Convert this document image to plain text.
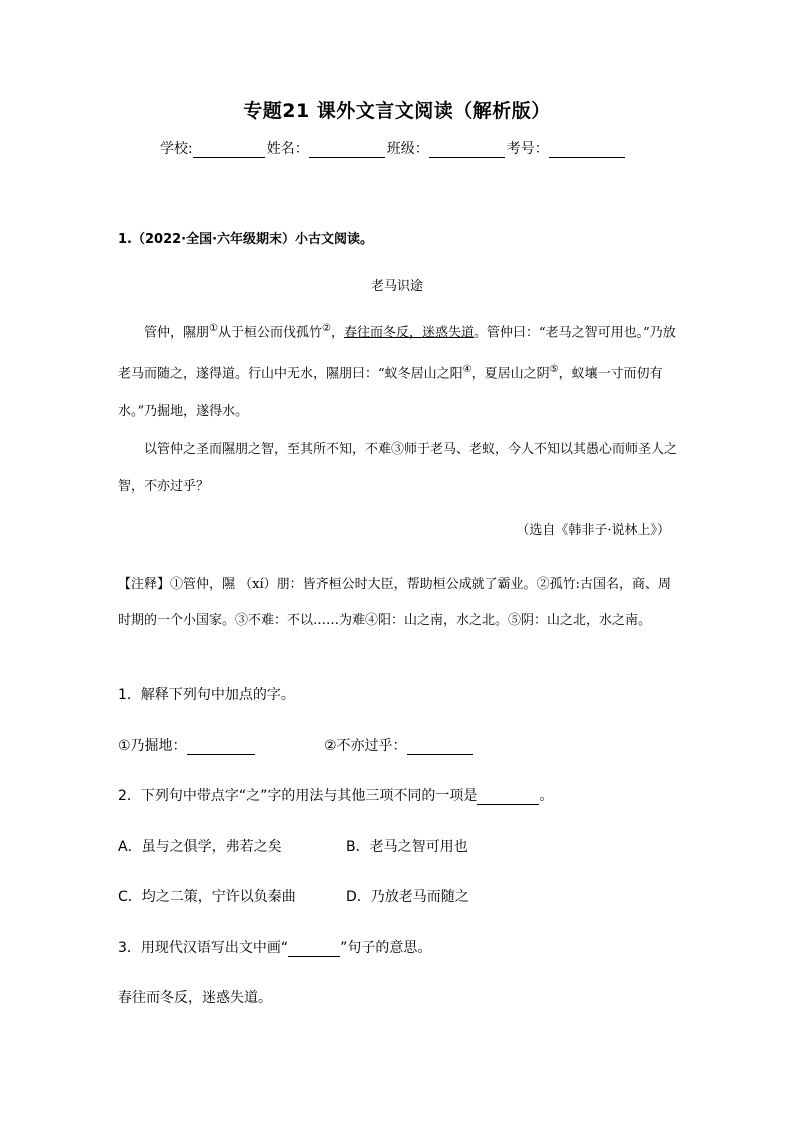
专题21 课外文言文阅读（解析版）
学校:	姓名：	班级：	考号：
1.（2022·全国·六年级期末）小古文阅读。
老马识途
管仲，隰朋①从于桓公而伐孤竹②，春往而冬反，迷惑失道。管仲曰：“老马之智可用也。”乃放老马而随之，遂得道。行山中无水，隰朋曰：“蚁冬居山之阳④，夏居山之阴⑤，蚁壤一寸而仞有水。”乃掘地，遂得水。
以管仲之圣而隰朋之智，至其所不知，不难③师于老马、老蚁，今人不知以其愚心而师圣人之智，不亦过乎？
（选自《韩非子·说林上》）
【注释】①管仲，隰 （xí）朋：皆齐桓公时大臣，帮助桓公成就了霸业。②孤竹:古国名，商、周时期的一个小国家。③不难：不以……为难④阳：山之南，水之北。⑤阴：山之北，水之南。
1．解释下列句中加点的字。
①乃掘地：	②不亦过乎：
2．下列句中带点字“之”字的用法与其他三项不同的一项是	。
A．虽与之俱学，弗若之矣	B．老马之智可用也
C．均之二策，宁许以负秦曲	D．乃放老马而随之
3．用现代汉语写出文中画“	”句子的意思。
春往而冬反，迷惑失道。
